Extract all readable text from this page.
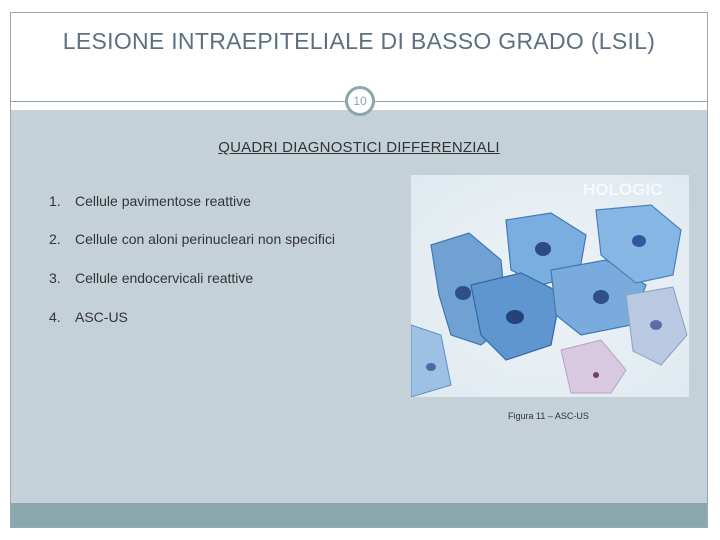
LESIONE INTRAEPITELIALE DI BASSO GRADO (LSIL)
10
QUADRI DIAGNOSTICI DIFFERENZIALI
1. Cellule pavimentose reattive
2. Cellule con aloni perinucleari non specifici
3. Cellule endocervicali reattive
4. ASC-US
HOLOGIC
Figura 11 – ASC-US
